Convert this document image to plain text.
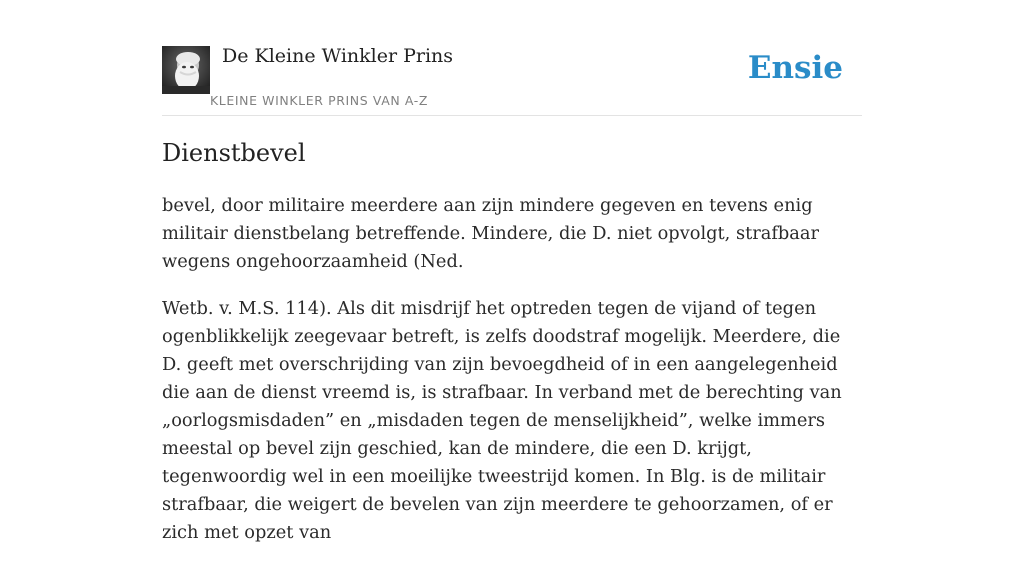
De Kleine Winkler Prins
KLEINE WINKLER PRINS VAN A-Z
Ensie
Dienstbevel

bevel, door militaire meerdere aan zijn mindere gegeven en tevens enig militair dienstbelang betreffende. Mindere, die D. niet opvolgt, strafbaar wegens ongehoorzaamheid (Ned.

Wetb. v. M.S. 114). Als dit misdrijf het optreden tegen de vijand of tegen ogenblikkelijk zeegevaar betreft, is zelfs doodstraf mogelijk. Meerdere, die D. geeft met overschrijding van zijn bevoegdheid of in een aangelegenheid die aan de dienst vreemd is, is strafbaar. In verband met de berechting van „oorlogsmisdaden” en „misdaden tegen de menselijkheid”, welke immers meestal op bevel zijn geschied, kan de mindere, die een D. krijgt, tegenwoordig wel in een moeilijke tweestrijd komen. In Blg. is de militair strafbaar, die weigert de bevelen van zijn meerdere te gehoorzamen, of er zich met opzet van
